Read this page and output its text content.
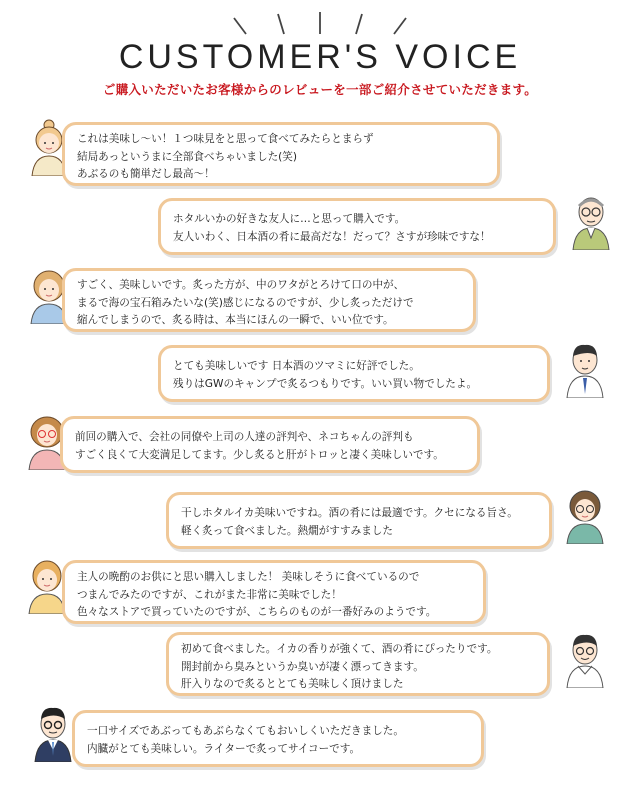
CUSTOMER'S VOICE

ご購入いただいたお客様からのレビューを一部ご紹介させていただきます。

これは美味し～い！１つ味見をと思って食べてみたらとまらず

結局あっというまに全部食べちゃいました(笑)

あぶるのも簡単だし最高～！

ホタルいかの好きな友人に…と思って購入です。

友人いわく、日本酒の肴に最高だな！だって？さすが珍味ですな！

すごく、美味しいです。炙った方が、中のワタがとろけて口の中が、

まるで海の宝石箱みたいな(笑)感じになるのですが、少し炙っただけで

縮んでしまうので、炙る時は、本当にほんの一瞬で、いい位です。

とても美味しいです 日本酒のツマミに好評でした。

残りはGWのキャンプで炙るつもりです。いい買い物でしたよ。

前回の購入で、会社の同僚や上司の人達の評判や、ネコちゃんの評判も

すごく良くて大変満足してます。少し炙ると肝がトロッと凄く美味しいです。

干しホタルイカ美味いですね。酒の肴には最適です。クセになる旨さ。

軽く炙って食べました。熱燗がすすみました

主人の晩酌のお供にと思い購入しました！ 美味しそうに食べているので

つまんでみたのですが、これがまた非常に美味でした！

色々なストアで買っていたのですが、こちらのものが一番好みのようです。

初めて食べました。イカの香りが強くて、酒の肴にぴったりです。

開封前から臭みというか臭いが凄く漂ってきます。

肝入りなので炙るととても美味しく頂けました

一口サイズであぶってもあぶらなくてもおいしくいただきました。

内臓がとても美味しい。ライターで炙ってサイコーです。
